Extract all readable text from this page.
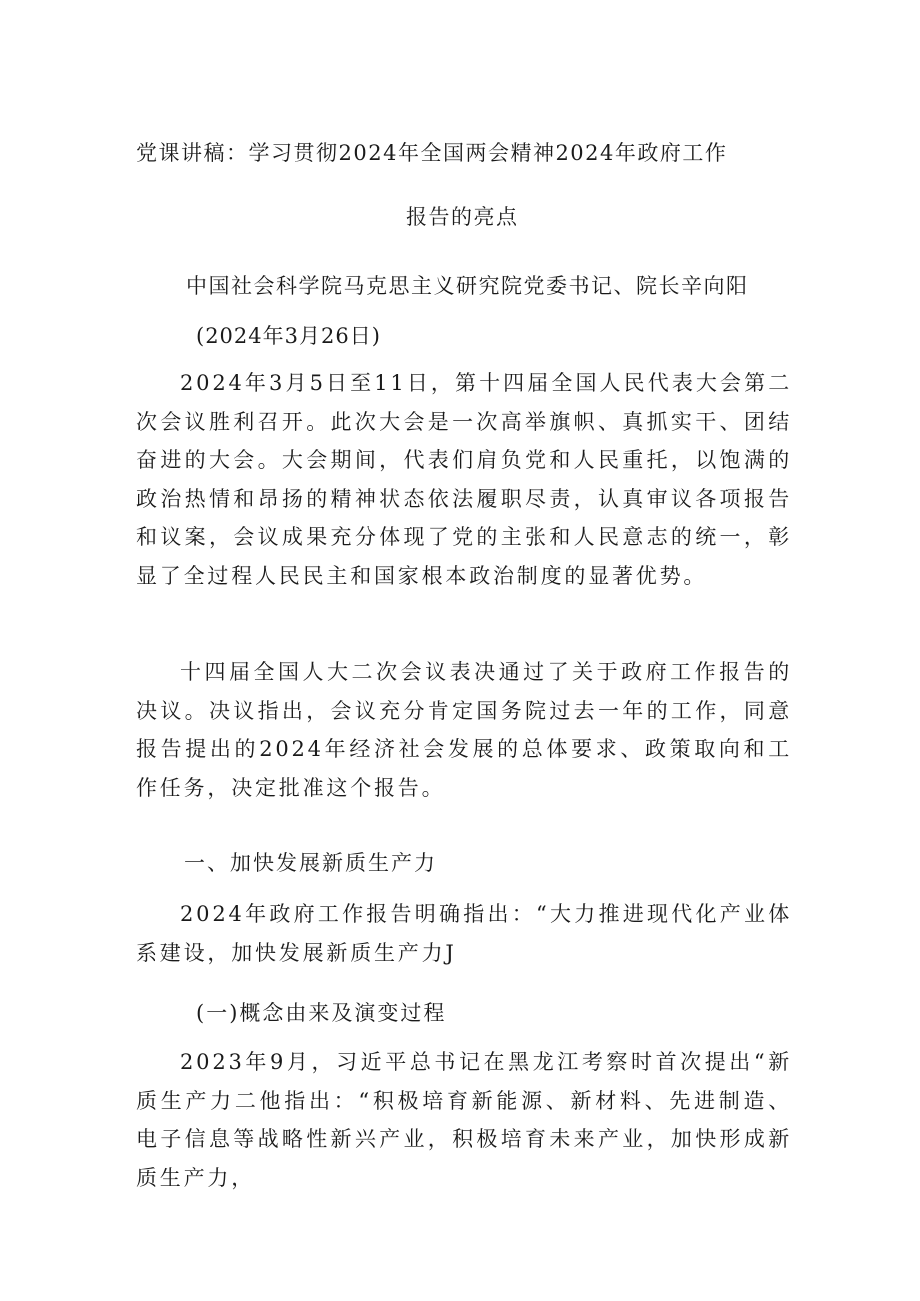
党课讲稿：学习贯彻2024年全国两会精神2024年政府工作
报告的亮点
中国社会科学院马克思主义研究院党委书记、院长辛向阳
(2024年3月26日)

2024年3月5日至11日，第十四届全国人民代表大会第二次会议胜利召开。此次大会是一次高举旗帜、真抓实干、团结奋进的大会。大会期间，代表们肩负党和人民重托，以饱满的政治热情和昂扬的精神状态依法履职尽责，认真审议各项报告和议案，会议成果充分体现了党的主张和人民意志的统一，彰显了全过程人民民主和国家根本政治制度的显著优势。

十四届全国人大二次会议表决通过了关于政府工作报告的决议。决议指出，会议充分肯定国务院过去一年的工作，同意报告提出的2024年经济社会发展的总体要求、政策取向和工作任务，决定批准这个报告。

一、加快发展新质生产力

2024年政府工作报告明确指出：“大力推进现代化产业体系建设，加快发展新质生产力J

(一)概念由来及演变过程

2023年9月，习近平总书记在黑龙江考察时首次提出“新质生产力二他指出：“积极培育新能源、新材料、先进制造、电子信息等战略性新兴产业，积极培育未来产业，加快形成新质生产力，
